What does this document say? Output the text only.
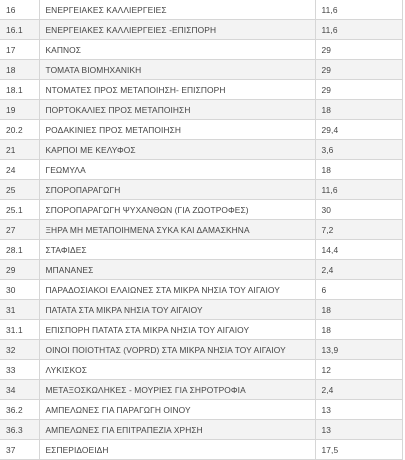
16	ΕΝΕΡΓΕΙΑΚΕΣ ΚΑΛΛΙΕΡΓΕΙΕΣ	11,6
16.1	ΕΝΕΡΓΕΙΑΚΕΣ ΚΑΛΛΙΕΡΓΕΙΕΣ -ΕΠΙΣΠΟΡΗ	11,6
17	ΚΑΠΝΟΣ	29
18	ΤΟΜΑΤΑ ΒΙΟΜΗΧΑΝΙΚΗ	29
18.1	ΝΤΟΜΑΤΕΣ ΠΡΟΣ ΜΕΤΑΠΟΙΗΣΗ- ΕΠΙΣΠΟΡΗ	29
19	ΠΟΡΤΟΚΑΛΙΕΣ ΠΡΟΣ ΜΕΤΑΠΟΙΗΣΗ	18
20.2	ΡΟΔΑΚΙΝΙΕΣ ΠΡΟΣ ΜΕΤΑΠΟΙΗΣΗ	29,4
21	ΚΑΡΠΟΙ ΜΕ ΚΕΛΥΦΟΣ	3,6
24	ΓΕΩΜΥΛΑ	18
25	ΣΠΟΡΟΠΑΡΑΓΩΓΗ	11,6
25.1	ΣΠΟΡΟΠΑΡΑΓΩΓΗ ΨΥΧΑΝΘΩΝ (ΓΙΑ ΖΩΟΤΡΟΦΕΣ)	30
27	ΞΗΡΑ ΜΗ ΜΕΤΑΠΟΙΗΜΕΝΑ ΣΥΚΑ ΚΑΙ ΔΑΜΑΣΚΗΝΑ	7,2
28.1	ΣΤΑΦΙΔΕΣ	14,4
29	ΜΠΑΝΑΝΕΣ	2,4
30	ΠΑΡΑΔΟΣΙΑΚΟΙ ΕΛΑΙΩΝΕΣ ΣΤΑ ΜΙΚΡΑ ΝΗΣΙΑ ΤΟΥ ΑΙΓΑΙΟΥ	6
31	ΠΑΤΑΤΑ ΣΤΑ ΜΙΚΡΑ ΝΗΣΙΑ ΤΟΥ ΑΙΓΑΙΟΥ	18
31.1	ΕΠΙΣΠΟΡΗ ΠΑΤΑΤΑ ΣΤΑ ΜΙΚΡΑ ΝΗΣΙΑ ΤΟΥ ΑΙΓΑΙΟΥ	18
32	ΟΙΝΟΙ ΠΟΙΟΤΗΤΑΣ (VOPRD) ΣΤΑ ΜΙΚΡΑ ΝΗΣΙΑ ΤΟΥ ΑΙΓΑΙΟΥ	13,9
33	ΛΥΚΙΣΚΟΣ	12
34	ΜΕΤΑΞΟΣΚΩΛΗΚΕΣ - ΜΟΥΡΙΕΣ ΓΙΑ ΣΗΡΟΤΡΟΦΙΑ	2,4
36.2	ΑΜΠΕΛΩΝΕΣ ΓΙΑ ΠΑΡΑΓΩΓΗ ΟΙΝΟΥ	13
36.3	ΑΜΠΕΛΩΝΕΣ ΓΙΑ ΕΠΙΤΡΑΠΕΖΙΑ ΧΡΗΣΗ	13
37	ΕΣΠΕΡΙΔΟΕΙΔΗ	17,5
